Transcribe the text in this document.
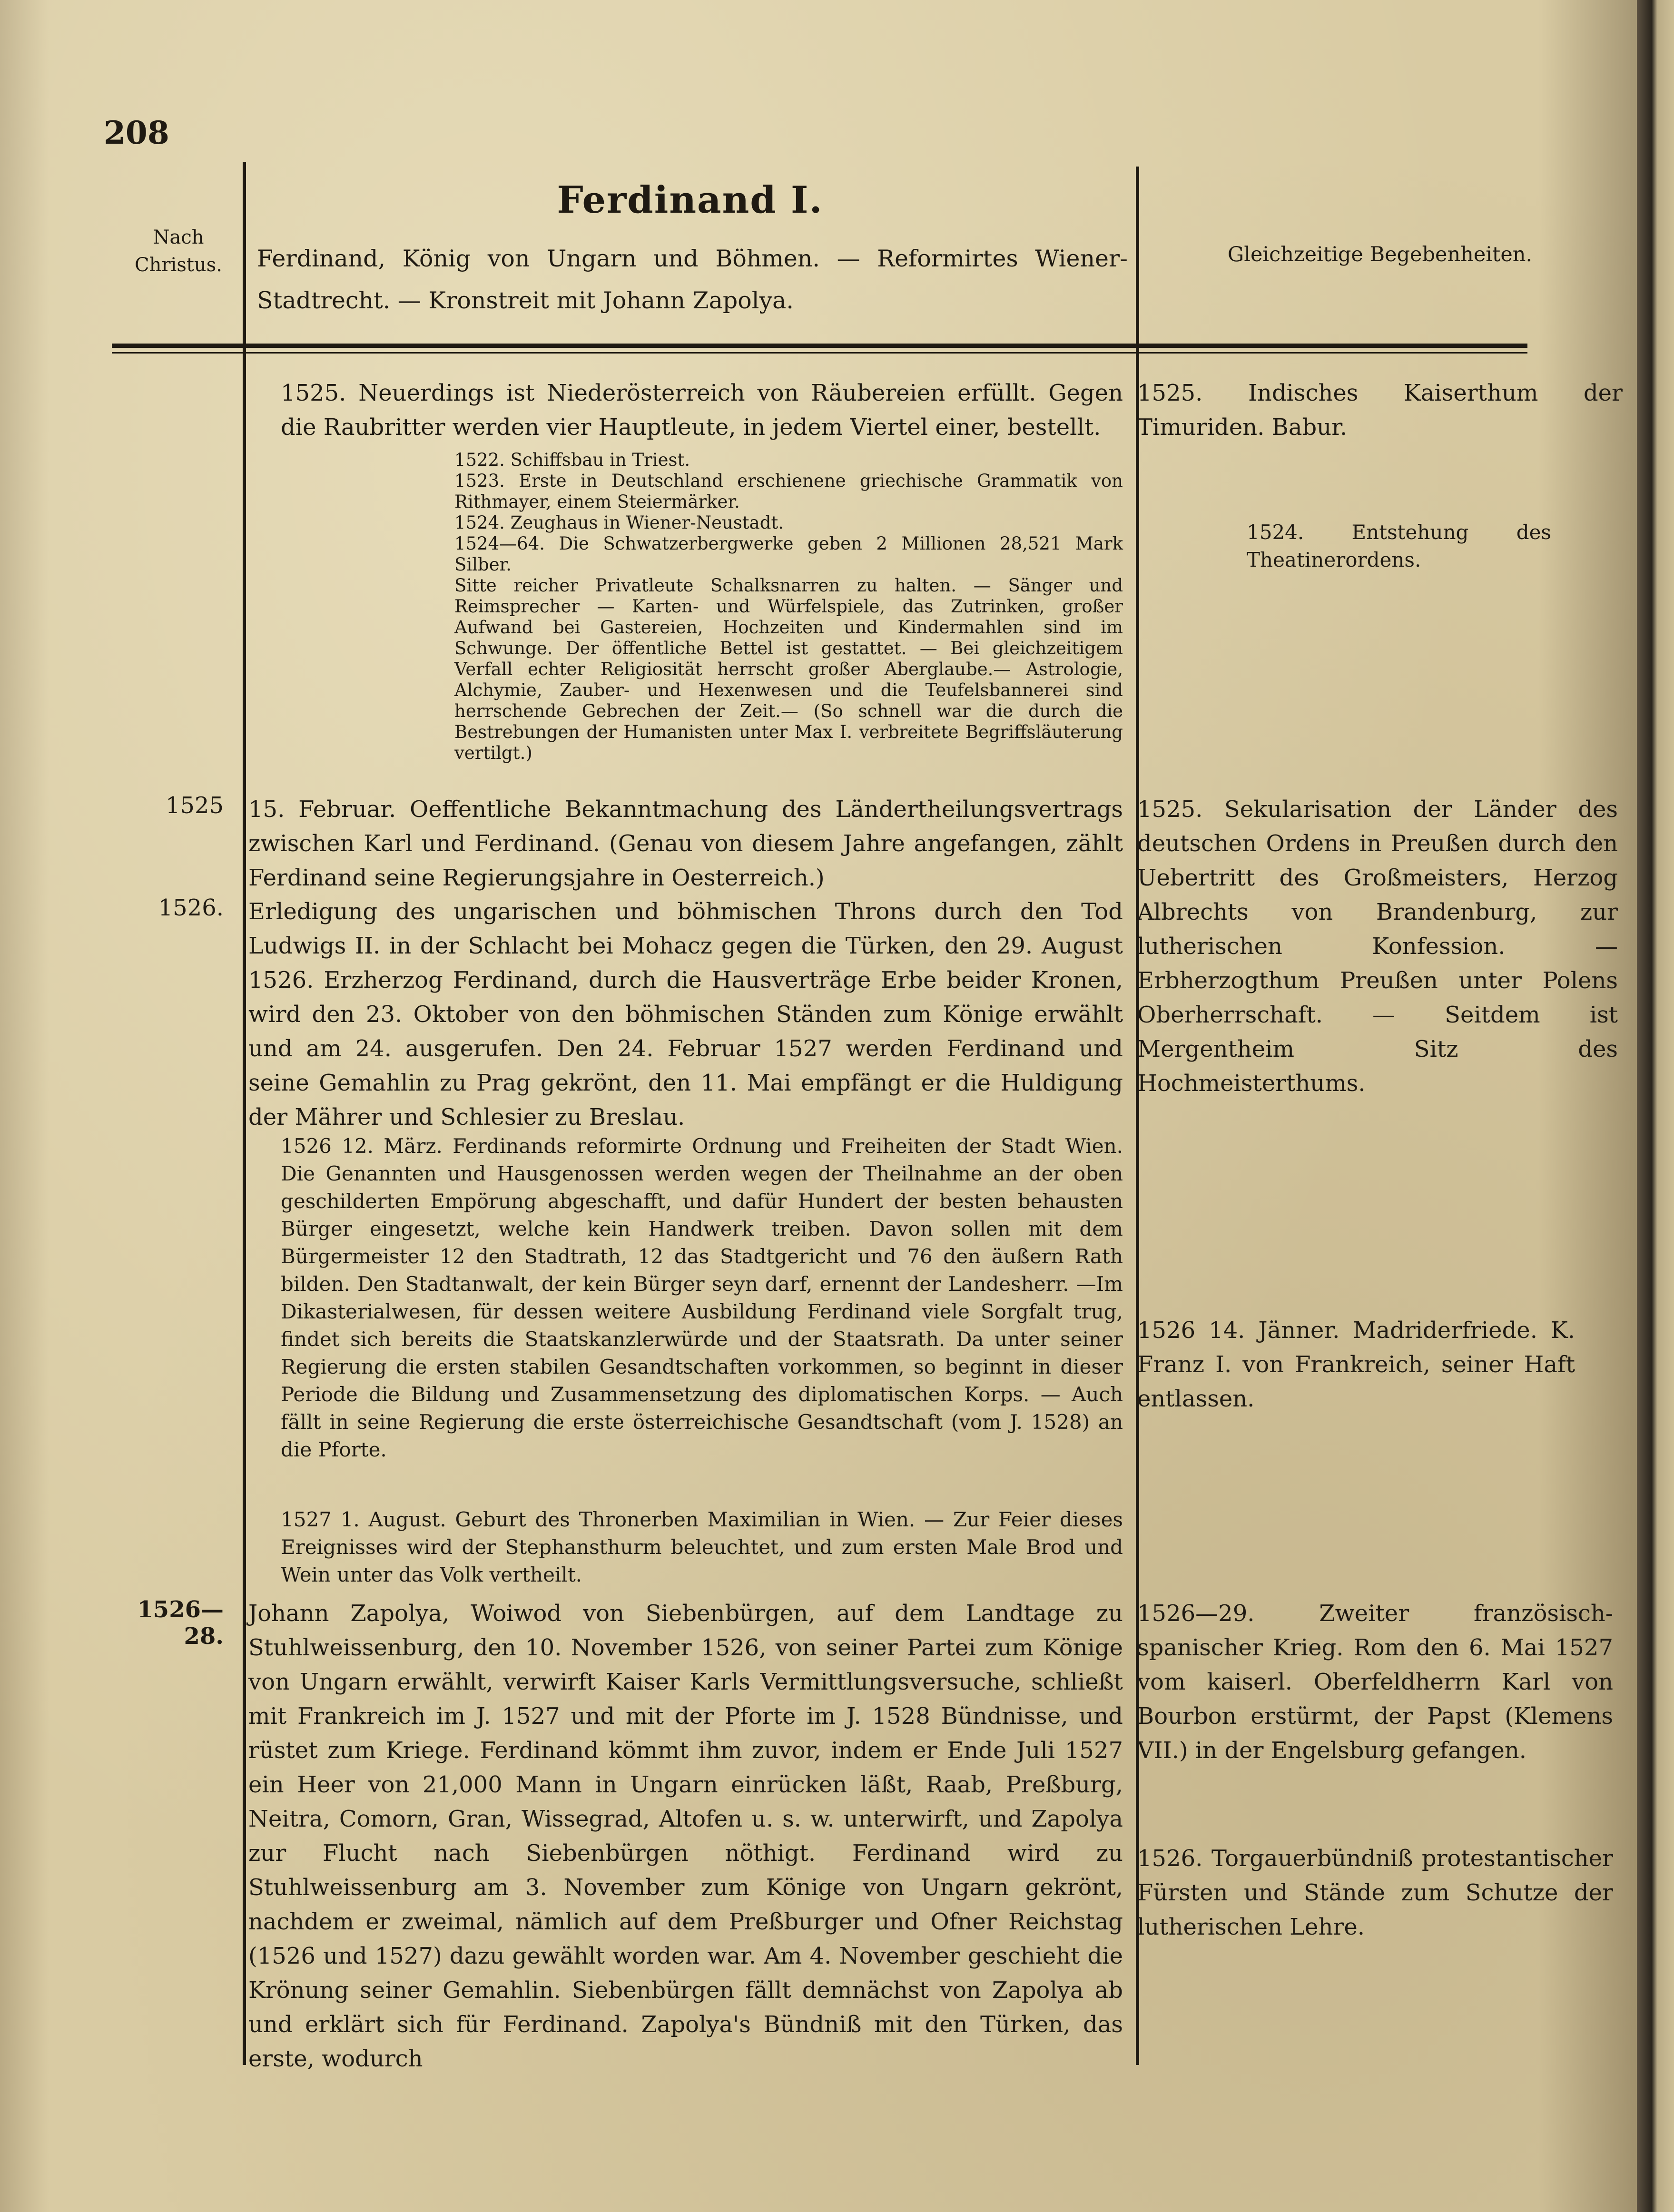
208
Nach Christus.
Ferdinand I.
Ferdinand, König von Ungarn und Böhmen. — Reformirtes Wiener-Stadtrecht. — Kronstreit mit Johann Zapolya.
Gleichzeitige Begebenheiten.
1525. Neuerdings ist Niederösterreich von Räubereien erfüllt. Gegen die Raubritter werden vier Hauptleute, in jedem Viertel einer, bestellt.
1522. Schiffsbau in Triest.
1523. Erste in Deutschland erschienene griechische Grammatik von Rithmayer, einem Steiermärker.
1524. Zeughaus in Wiener-Neustadt.
1524—64. Die Schwatzerbergwerke geben 2 Millionen 28,521 Mark Silber.
Sitte reicher Privatleute Schalksnarren zu halten. — Sänger und Reimsprecher — Karten- und Würfelspiele, das Zutrinken, großer Aufwand bei Gastereien, Hochzeiten und Kindermahlen sind im Schwunge. Der öffentliche Bettel ist gestattet. — Bei gleichzeitigem Verfall echter Religiosität herrscht großer Aberglaube.— Astrologie, Alchymie, Zauber- und Hexenwesen und die Teufelsbannerei sind herrschende Gebrechen der Zeit.— (So schnell war die durch die Bestrebungen der Humanisten unter Max I. verbreitete Begriffsläuterung vertilgt.)
1525. Indisches Kaiserthum der Timuriden. Babur.
1524. Entstehung des Theatinerordens.
1525 15. Februar. Oeffentliche Bekanntmachung des Ländertheilungsvertrags zwischen Karl und Ferdinand. (Genau von diesem Jahre angefangen, zählt Ferdinand seine Regierungsjahre in Oesterreich.)
1525. Sekularisation der Länder des deutschen Ordens in Preußen durch den Uebertritt des Großmeisters, Herzog Albrechts von Brandenburg, zur lutherischen Konfession. — Erbherzogthum Preußen unter Polens Oberherrschaft. — Seitdem ist Mergentheim Sitz des Hochmeisterthums.
1526. Erledigung des ungarischen und böhmischen Throns durch den Tod Ludwigs II. in der Schlacht bei Mohacz gegen die Türken, den 29. August 1526. Erzherzog Ferdinand, durch die Hausverträge Erbe beider Kronen, wird den 23. Oktober von den böhmischen Ständen zum Könige erwählt und am 24. ausgerufen. Den 24. Februar 1527 werden Ferdinand und seine Gemahlin zu Prag gekrönt, den 11. Mai empfängt er die Huldigung der Mährer und Schlesier zu Breslau.
1526 12. März. Ferdinands reformirte Ordnung und Freiheiten der Stadt Wien. Die Genannten und Hausgenossen werden wegen der Theilnahme an der oben geschilderten Empörung abgeschafft, und dafür Hundert der besten behausten Bürger eingesetzt, welche kein Handwerk treiben. Davon sollen mit dem Bürgermeister 12 den Stadtrath, 12 das Stadtgericht und 76 den äußern Rath bilden. Den Stadtanwalt, der kein Bürger seyn darf, ernennt der Landesherr. —Im Dikasterialwesen, für dessen weitere Ausbildung Ferdinand viele Sorgfalt trug, findet sich bereits die Staatskanzlerwürde und der Staatsrath. Da unter seiner Regierung die ersten stabilen Gesandtschaften vorkommen, so beginnt in dieser Periode die Bildung und Zusammensetzung des diplomatischen Korps. — Auch fällt in seine Regierung die erste österreichische Gesandtschaft (vom J. 1528) an die Pforte.
1527 1. August. Geburt des Thronerben Maximilian in Wien. — Zur Feier dieses Ereignisses wird der Stephansthurm beleuchtet, und zum ersten Male Brod und Wein unter das Volk vertheilt.
1526 14. Jänner. Madriderfriede. K. Franz I. von Frankreich, seiner Haft entlassen.
1526—28.
Johann Zapolya, Woiwod von Siebenbürgen, auf dem Landtage zu Stuhlweissenburg, den 10. November 1526, von seiner Partei zum Könige von Ungarn erwählt, verwirft Kaiser Karls Vermittlungsversuche, schließt mit Frankreich im J. 1527 und mit der Pforte im J. 1528 Bündnisse, und rüstet zum Kriege. Ferdinand kömmt ihm zuvor, indem er Ende Juli 1527 ein Heer von 21,000 Mann in Ungarn einrücken läßt, Raab, Preßburg, Neitra, Comorn, Gran, Wissegrad, Altofen u. s. w. unterwirft, und Zapolya zur Flucht nach Siebenbürgen nöthigt. Ferdinand wird zu Stuhlweissenburg am 3. November zum Könige von Ungarn gekrönt, nachdem er zweimal, nämlich auf dem Preßburger und Ofner Reichstag (1526 und 1527) dazu gewählt worden war. Am 4. November geschieht die Krönung seiner Gemahlin. Siebenbürgen fällt demnächst von Zapolya ab und erklärt sich für Ferdinand. Zapolya's Bündniß mit den Türken, das erste, wodurch
1526—29. Zweiter französisch-spanischer Krieg. Rom den 6. Mai 1527 vom kaiserl. Oberfeldherrn Karl von Bourbon erstürmt, der Papst (Klemens VII.) in der Engelsburg gefangen.
1526. Torgauerbündniß protestantischer Fürsten und Stände zum Schutze der lutherischen Lehre.
